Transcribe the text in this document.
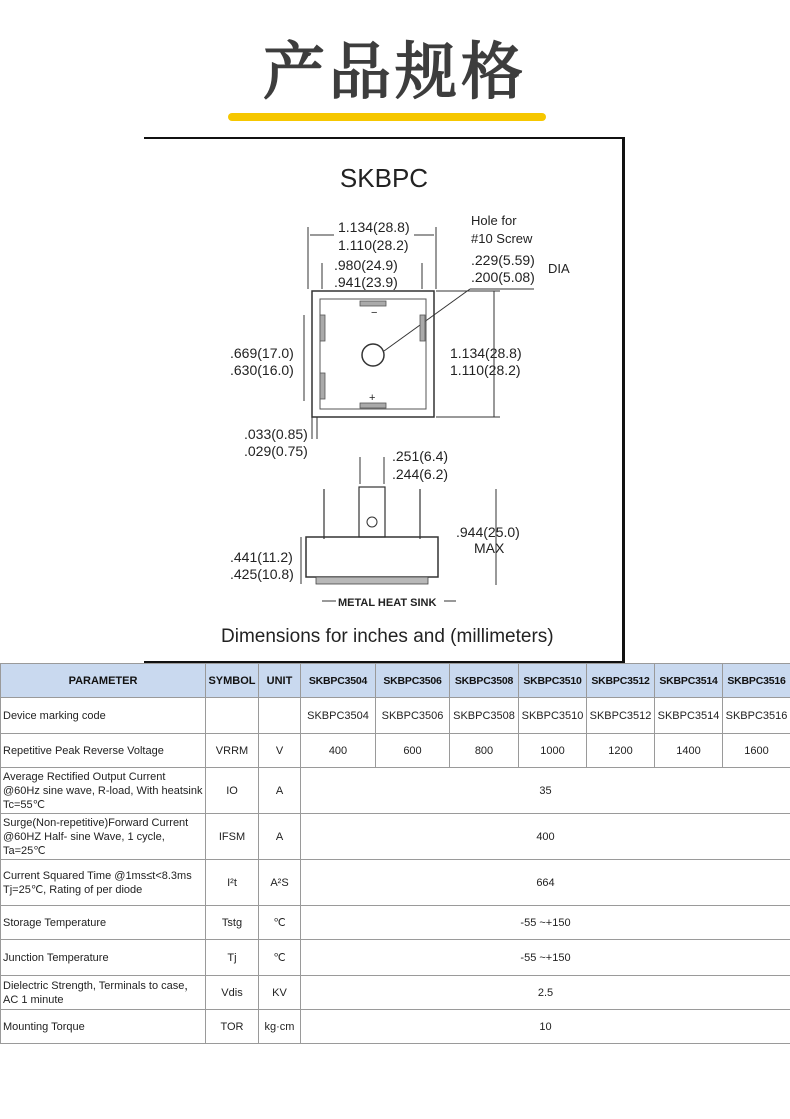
产品规格
SKBPC
1.134(28.8)
1.110(28.2)
.980(24.9)
.941(23.9)
Hole for
#10 Screw
.229(5.59)
.200(5.08)
DIA
+
−
.669(17.0)
.630(16.0)
1.134(28.8)
1.110(28.2)
.033(0.85)
.029(0.75)	.251(6.4)
.244(6.2)
.944(25.0)
MAX
.441(11.2)
.425(10.8)
METAL HEAT SINK
Dimensions for inches and (millimeters)
PARAMETER	SYMBOL	UNIT	SKBPC3504	SKBPC3506	SKBPC3508	SKBPC3510	SKBPC3512	SKBPC3514	SKBPC3516
Device marking code			SKBPC3504	SKBPC3506	SKBPC3508	SKBPC3510	SKBPC3512	SKBPC3514	SKBPC3516
Repetitive Peak Reverse Voltage	VRRM	V	400	600	800	1000	1200	1400	1600
Average Rectified Output Current @60Hz sine wave, R-load, With heatsink Tc=55℃	IO	A	35						
Surge(Non-repetitive)Forward Current @60HZ Half- sine Wave, 1 cycle, Ta=25℃	IFSM	A	400						
Current Squared Time @1ms≤t<8.3ms Tj=25℃, Rating of per diode	I²t	A²S	664						
Storage Temperature	Tstg	℃	-55 ~+150						
Junction Temperature	Tj	℃	-55 ~+150						
Dielectric Strength, Terminals to case，AC 1 minute	Vdis	KV	2.5						
Mounting Torque	TOR	kg·cm	10						
